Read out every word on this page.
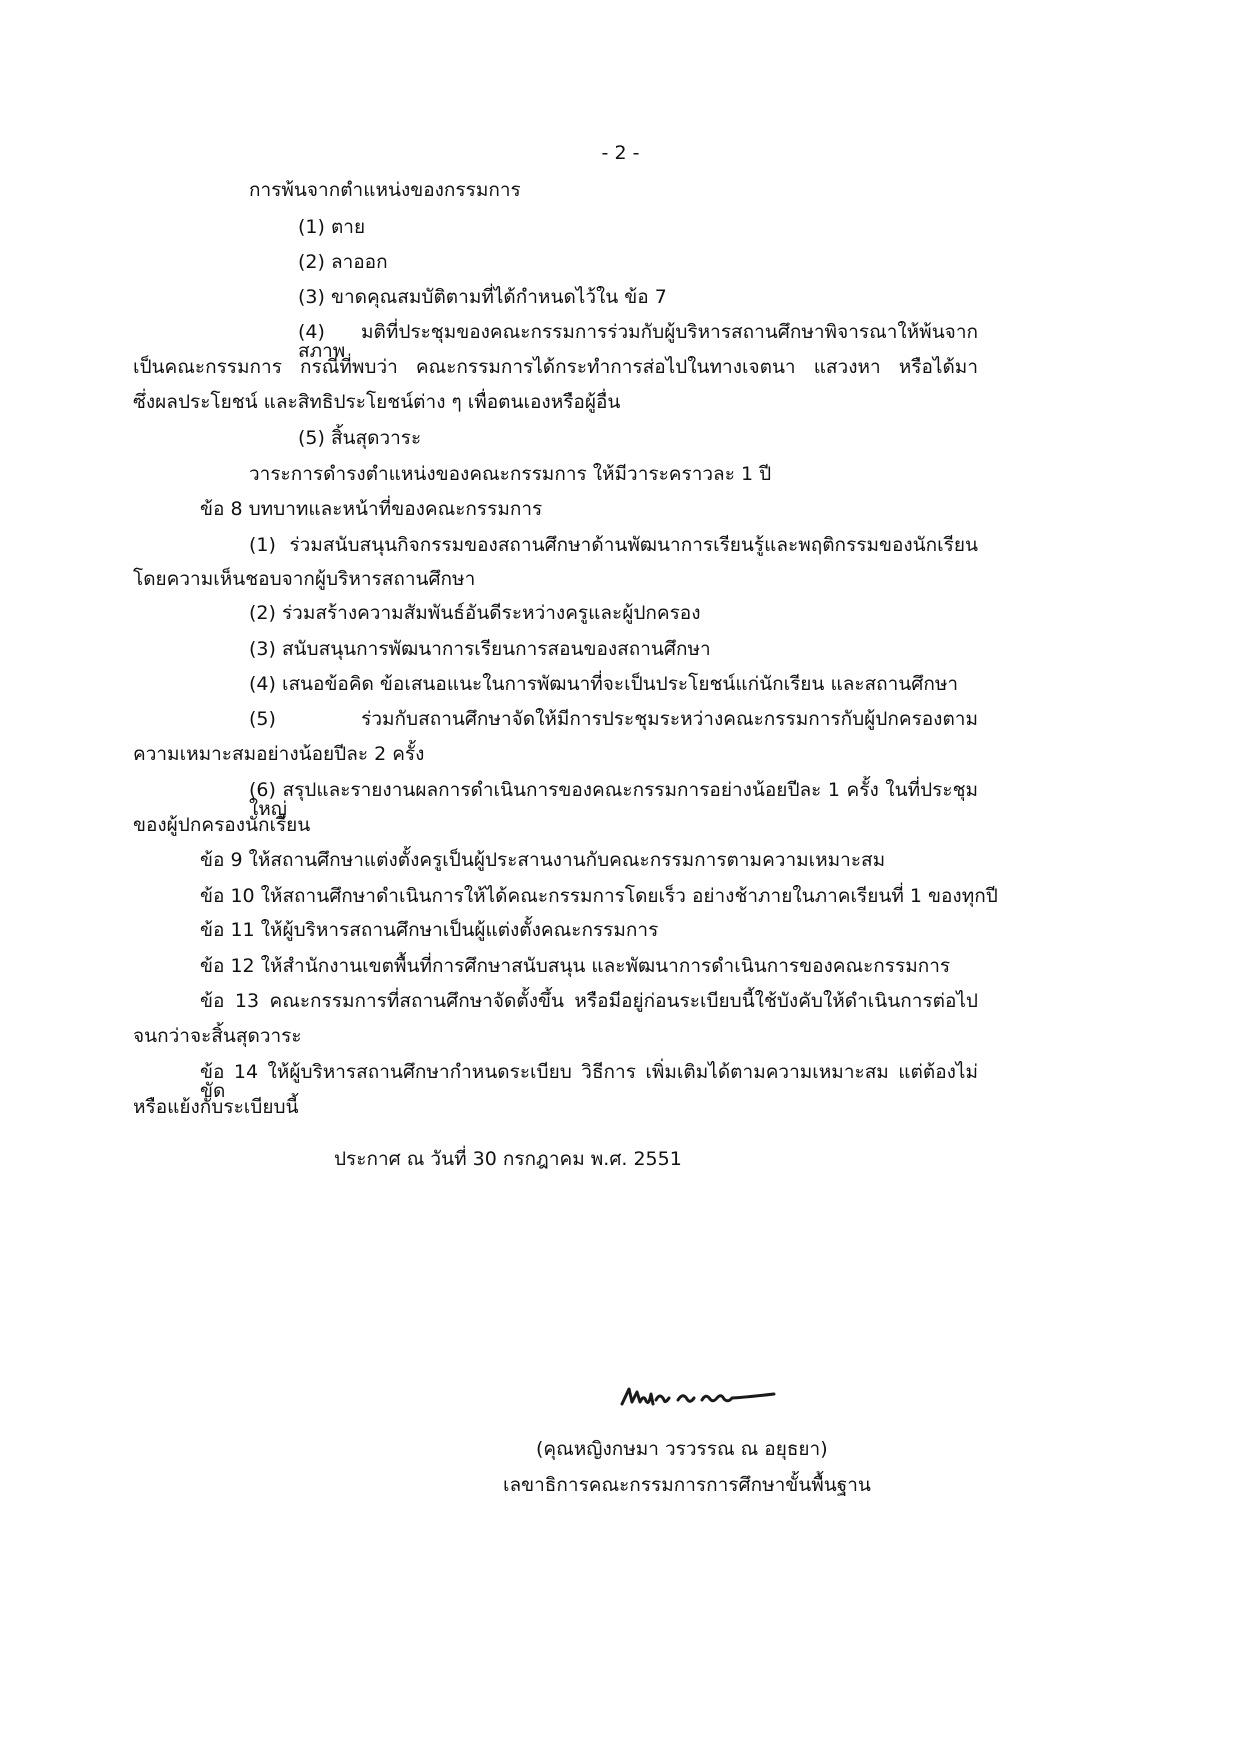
- 2 -
การพ้นจากตำแหน่งของกรรมการ
(1) ตาย
(2) ลาออก
(3) ขาดคุณสมบัติตามที่ได้กำหนดไว้ใน ข้อ 7
(4) มติที่ประชุมของคณะกรรมการร่วมกับผู้บริหารสถานศึกษาพิจารณาให้พ้นจากสภาพ
เป็นคณะกรรมการ กรณีที่พบว่า คณะกรรมการได้กระทำการส่อไปในทางเจตนา แสวงหา หรือได้มา
ซึ่งผลประโยชน์ และสิทธิประโยชน์ต่าง ๆ เพื่อตนเองหรือผู้อื่น
(5) สิ้นสุดวาระ
วาระการดำรงตำแหน่งของคณะกรรมการ ให้มีวาระคราวละ 1 ปี
ข้อ 8 บทบาทและหน้าที่ของคณะกรรมการ
(1) ร่วมสนับสนุนกิจกรรมของสถานศึกษาด้านพัฒนาการเรียนรู้และพฤติกรรมของนักเรียน
โดยความเห็นชอบจากผู้บริหารสถานศึกษา
(2) ร่วมสร้างความสัมพันธ์อันดีระหว่างครูและผู้ปกครอง
(3) สนับสนุนการพัฒนาการเรียนการสอนของสถานศึกษา
(4) เสนอข้อคิด ข้อเสนอแนะในการพัฒนาที่จะเป็นประโยชน์แก่นักเรียน และสถานศึกษา
(5) ร่วมกับสถานศึกษาจัดให้มีการประชุมระหว่างคณะกรรมการกับผู้ปกครองตาม
ความเหมาะสมอย่างน้อยปีละ 2 ครั้ง
(6) สรุปและรายงานผลการดำเนินการของคณะกรรมการอย่างน้อยปีละ 1 ครั้ง ในที่ประชุมใหญ่
ของผู้ปกครองนักเรียน
ข้อ 9 ให้สถานศึกษาแต่งตั้งครูเป็นผู้ประสานงานกับคณะกรรมการตามความเหมาะสม
ข้อ 10 ให้สถานศึกษาดำเนินการให้ได้คณะกรรมการโดยเร็ว อย่างช้าภายในภาคเรียนที่ 1 ของทุกปี
ข้อ 11 ให้ผู้บริหารสถานศึกษาเป็นผู้แต่งตั้งคณะกรรมการ
ข้อ 12 ให้สำนักงานเขตพื้นที่การศึกษาสนับสนุน และพัฒนาการดำเนินการของคณะกรรมการ
ข้อ 13 คณะกรรมการที่สถานศึกษาจัดตั้งขึ้น หรือมีอยู่ก่อนระเบียบนี้ใช้บังคับให้ดำเนินการต่อไป
จนกว่าจะสิ้นสุดวาระ
ข้อ 14 ให้ผู้บริหารสถานศึกษากำหนดระเบียบ วิธีการ เพิ่มเติมได้ตามความเหมาะสม แต่ต้องไม่ขัด
หรือแย้งกับระเบียบนี้
ประกาศ ณ วันที่ 30 กรกฎาคม พ.ศ. 2551
(คุณหญิงกษมา วรวรรณ ณ อยุธยา)
เลขาธิการคณะกรรมการการศึกษาขั้นพื้นฐาน
